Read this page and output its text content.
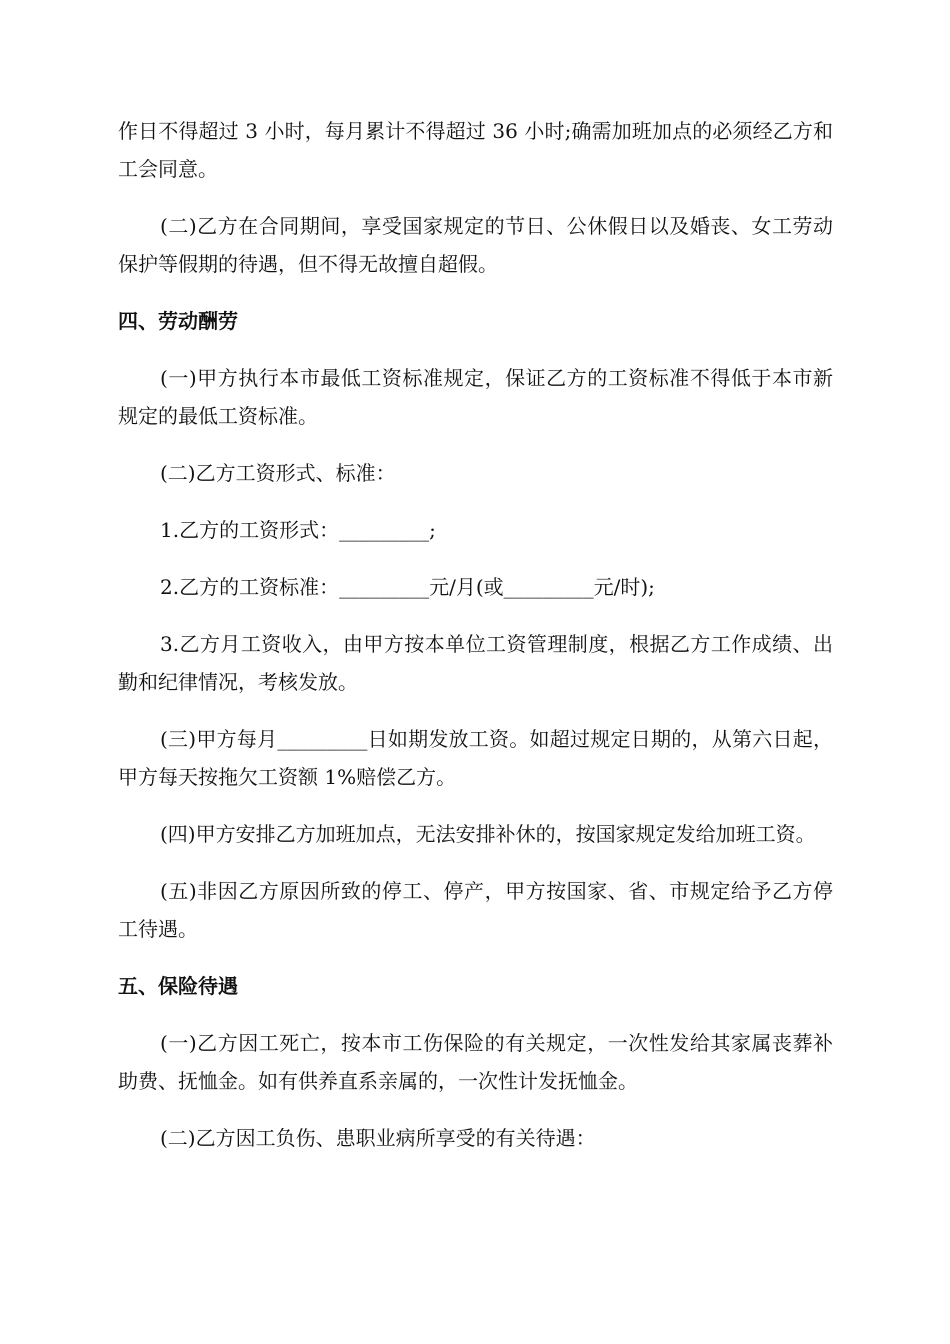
作日不得超过 3 小时，每月累计不得超过 36 小时;确需加班加点的必须经乙方和工会同意。

(二)乙方在合同期间，享受国家规定的节日、公休假日以及婚丧、女工劳动保护等假期的待遇，但不得无故擅自超假。

四、劳动酬劳

(一)甲方执行本市最低工资标准规定，保证乙方的工资标准不得低于本市新规定的最低工资标准。

(二)乙方工资形式、标准：

1.乙方的工资形式：_________;

2.乙方的工资标准：_________元/月(或_________元/时);

3.乙方月工资收入，由甲方按本单位工资管理制度，根据乙方工作成绩、出勤和纪律情况，考核发放。

(三)甲方每月_________日如期发放工资。如超过规定日期的，从第六日起，甲方每天按拖欠工资额 1%赔偿乙方。

(四)甲方安排乙方加班加点，无法安排补休的，按国家规定发给加班工资。

(五)非因乙方原因所致的停工、停产，甲方按国家、省、市规定给予乙方停工待遇。

五、保险待遇

(一)乙方因工死亡，按本市工伤保险的有关规定，一次性发给其家属丧葬补助费、抚恤金。如有供养直系亲属的，一次性计发抚恤金。

(二)乙方因工负伤、患职业病所享受的有关待遇：
